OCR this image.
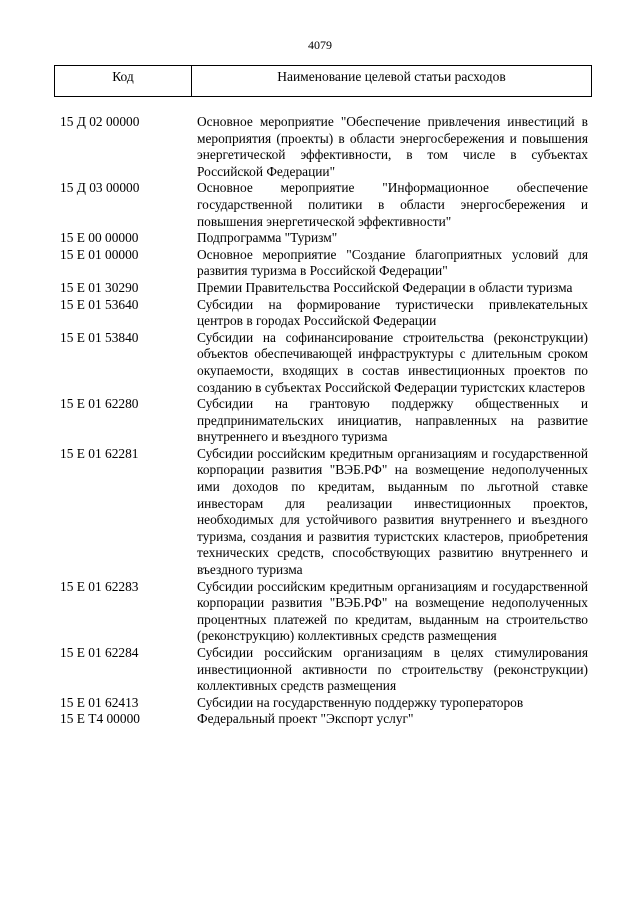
4079
Код	Наименование целевой статьи расходов
15 Д 02 00000	Основное мероприятие "Обеспечение привлечения инвестиций в мероприятия (проекты) в области энергосбережения и повышения энергетической эффективности, в том числе в субъектах Российской Федерации"
15 Д 03 00000	Основное мероприятие "Информационное обеспечение государственной политики в области энергосбережения и повышения энергетической эффективности"
15 Е 00 00000	Подпрограмма "Туризм"
15 Е 01 00000	Основное мероприятие "Создание благоприятных условий для развития туризма в Российской Федерации"
15 Е 01 30290	Премии Правительства Российской Федерации в области туризма
15 Е 01 53640	Субсидии на формирование туристически привлекательных центров в городах Российской Федерации
15 Е 01 53840	Субсидии на софинансирование строительства (реконструкции) объектов обеспечивающей инфраструктуры с длительным сроком окупаемости, входящих в состав инвестиционных проектов по созданию в субъектах Российской Федерации туристских кластеров
15 Е 01 62280	Субсидии на грантовую поддержку общественных и предпринимательских инициатив, направленных на развитие внутреннего и въездного туризма
15 Е 01 62281	Субсидии российским кредитным организациям и государственной корпорации развития "ВЭБ.РФ" на возмещение недополученных ими доходов по кредитам, выданным по льготной ставке инвесторам для реализации инвестиционных проектов, необходимых для устойчивого развития внутреннего и въездного туризма, создания и развития туристских кластеров, приобретения технических средств, способствующих развитию внутреннего и въездного туризма
15 Е 01 62283	Субсидии российским кредитным организациям и государственной корпорации развития "ВЭБ.РФ" на возмещение недополученных процентных платежей по кредитам, выданным на строительство (реконструкцию) коллективных средств размещения
15 Е 01 62284	Субсидии российским организациям в целях стимулирования инвестиционной активности по строительству (реконструкции) коллективных средств размещения
15 Е 01 62413	Субсидии на государственную поддержку туроператоров
15 Е Т4 00000	Федеральный проект "Экспорт услуг"
